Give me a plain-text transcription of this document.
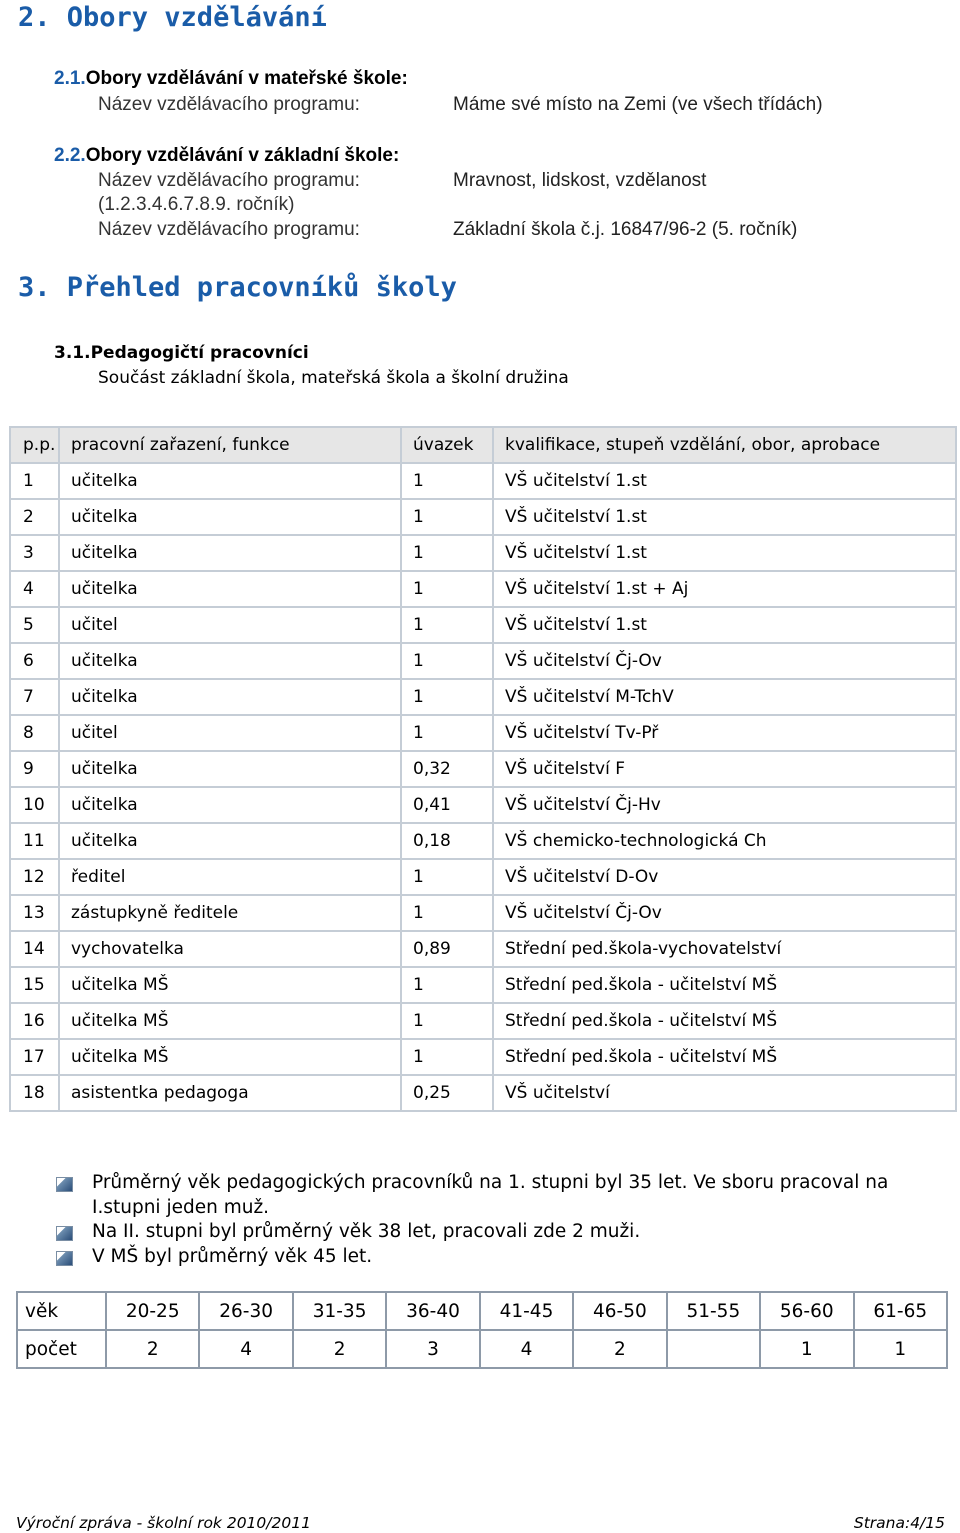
2. Obory vzdělávání
2.1.Obory vzdělávání v mateřské škole:
Název vzdělávacího programu:	Máme své místo na Zemi (ve všech třídách)
2.2.Obory vzdělávání v základní škole:
Název vzdělávacího programu:	Mravnost, lidskost, vzdělanost
(1.2.3.4.6.7.8.9. ročník)
Název vzdělávacího programu:	Základní škola č.j. 16847/96-2 (5. ročník)
3. Přehled pracovníků školy
3.1.Pedagogičtí pracovníci
Součást základní škola, mateřská škola a školní družina
p.p.	pracovní zařazení, funkce	úvazek	kvalifikace, stupeň vzdělání, obor, aprobace
1	učitelka	1	VŠ učitelství 1.st
2	učitelka	1	VŠ učitelství 1.st
3	učitelka	1	VŠ učitelství 1.st
4	učitelka	1	VŠ učitelství 1.st + Aj
5	učitel	1	VŠ učitelství 1.st
6	učitelka	1	VŠ učitelství Čj-Ov
7	učitelka	1	VŠ učitelství M-TchV
8	učitel	1	VŠ učitelství Tv-Př
9	učitelka	0,32	VŠ učitelství F
10	učitelka	0,41	VŠ učitelství Čj-Hv
11	učitelka	0,18	VŠ chemicko-technologická Ch
12	ředitel	1	VŠ učitelství D-Ov
13	zástupkyně ředitele	1	VŠ učitelství Čj-Ov
14	vychovatelka	0,89	Střední ped.škola-vychovatelství
15	učitelka MŠ	1	Střední ped.škola - učitelství MŠ
16	učitelka MŠ	1	Střední ped.škola - učitelství MŠ
17	učitelka MŠ	1	Střední ped.škola - učitelství MŠ
18	asistentka pedagoga	0,25	VŠ učitelství

Průměrný věk pedagogických pracovníků na 1. stupni byl 35 let. Ve sboru pracoval na I.stupni jeden muž.

Na II. stupni byl průměrný věk 38 let, pracovali zde 2 muži.

V MŠ byl průměrný věk 45 let.

věk	20-25	26-30	31-35	36-40	41-45	46-50	51-55	56-60	61-65
počet	2	4	2	3	4	2		1	1
Výroční zpráva - školní rok 2010/2011	Strana:4/15
